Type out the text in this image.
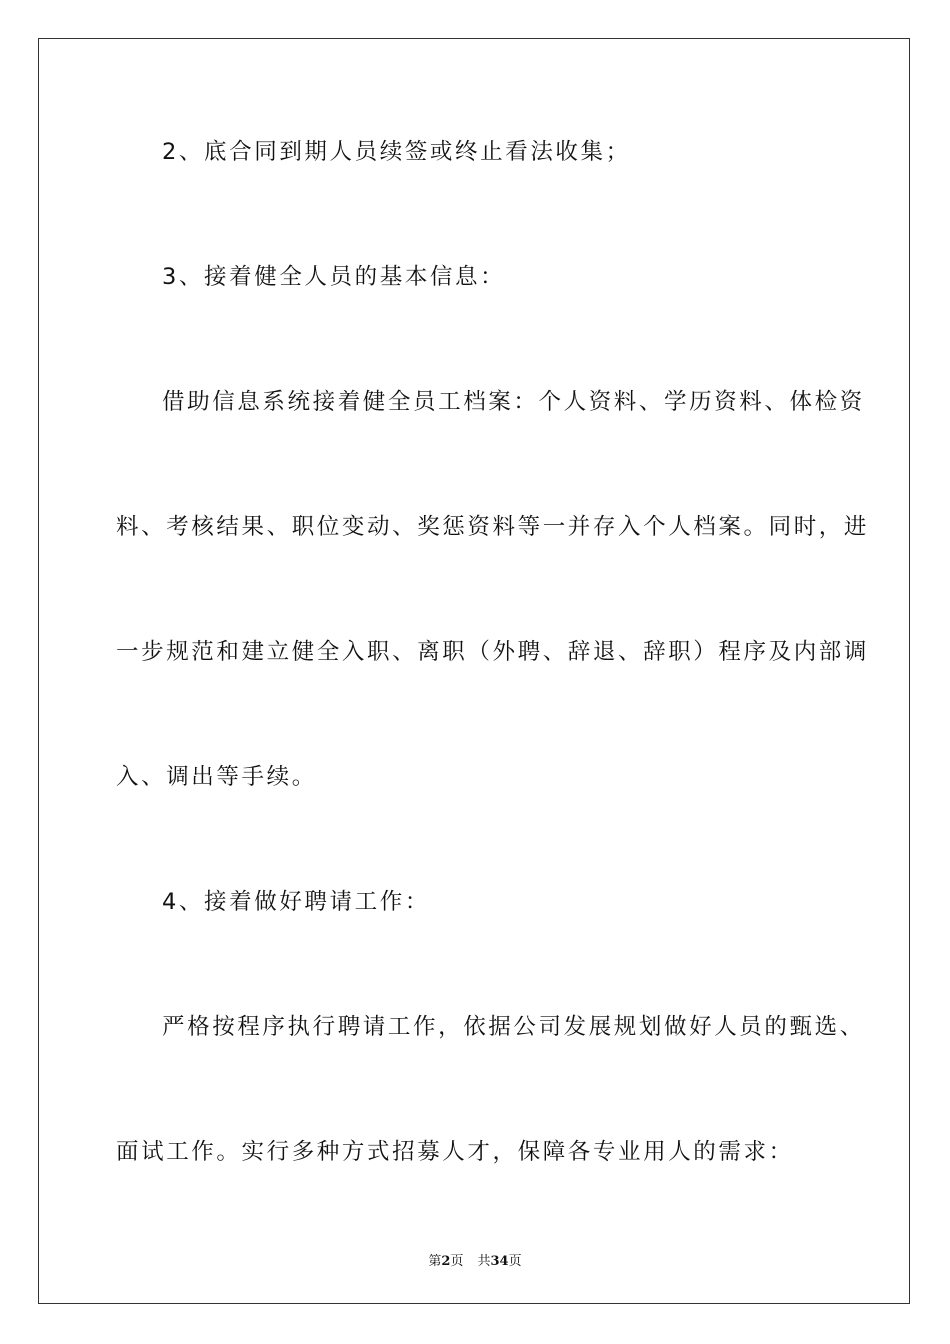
2、底合同到期人员续签或终止看法收集；

3、接着健全人员的基本信息：

借助信息系统接着健全员工档案：个人资料、学历资料、体检资

料、考核结果、职位变动、奖惩资料等一并存入个人档案。同时，进

一步规范和建立健全入职、离职（外聘、辞退、辞职）程序及内部调

入、调出等手续。

4、接着做好聘请工作：

严格按程序执行聘请工作，依据公司发展规划做好人员的甄选、

面试工作。实行多种方式招募人才，保障各专业用人的需求：

第2页 共34页
